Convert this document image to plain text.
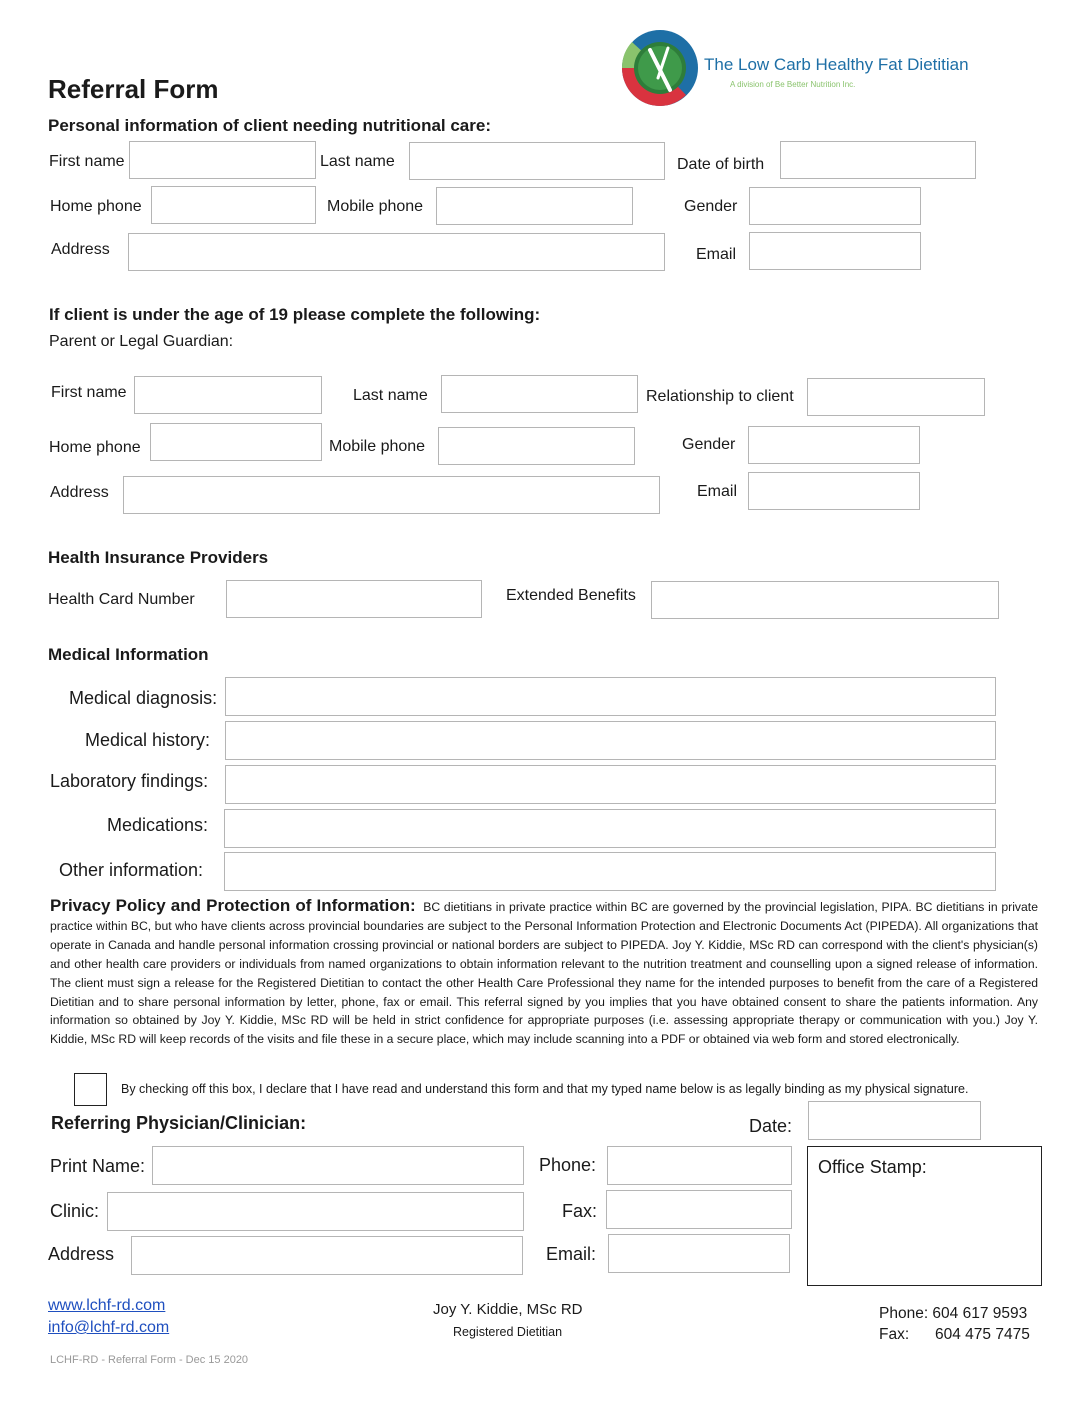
The Low Carb Healthy Fat Dietitian
A division of Be Better Nutrition Inc.
Referral Form
Personal information of client needing nutritional care:
First name	Last name	Date of birth
Home phone	Mobile phone	Gender
Address	Email
If client is under the age of 19 please complete the following:
Parent or Legal Guardian:
First name	Last name	Relationship to client
Home phone	Mobile phone	Gender
Address	Email
Health Insurance Providers
Health Card Number	Extended Benefits
Medical Information
Medical diagnosis:
Medical history:
Laboratory findings:
Medications:
Other information:
Privacy Policy and Protection of Information: BC dietitians in private practice within BC are governed by the provincial legislation, PIPA. BC dietitians in private practice within BC, but who have clients across provincial boundaries are subject to the Personal Information Protection and Electronic Documents Act (PIPEDA). All organizations that operate in Canada and handle personal information crossing provincial or national borders are subject to PIPEDA. Joy Y. Kiddie, MSc RD can correspond with the client's physician(s) and other health care providers or individuals from named organizations to obtain information relevant to the nutrition treatment and counselling upon a signed release of information. The client must sign a release for the Registered Dietitian to contact the other Health Care Professional they name for the intended purposes to benefit from the care of a Registered Dietitian and to share personal information by letter, phone, fax or email. This referral signed by you implies that you have obtained consent to share the patients information. Any information so obtained by Joy Y. Kiddie, MSc RD will be held in strict confidence for appropriate purposes (i.e. assessing appropriate therapy or communication with you.) Joy Y. Kiddie, MSc RD will keep records of the visits and file these in a secure place, which may include scanning into a PDF or obtained via web form and stored electronically.
By checking off this box, I declare that I have read and understand this form and that my typed name below is as legally binding as my physical signature.
Referring Physician/Clinician:	Date:
Print Name:	Phone:
Clinic:	Fax:
Address	Email:
Office Stamp:
www.lchf-rd.com
info@lchf-rd.com
Joy Y. Kiddie, MSc RD
Registered Dietitian
Phone: 604 617 9593
Fax: 604 475 7475
LCHF-RD - Referral Form - Dec 15 2020
